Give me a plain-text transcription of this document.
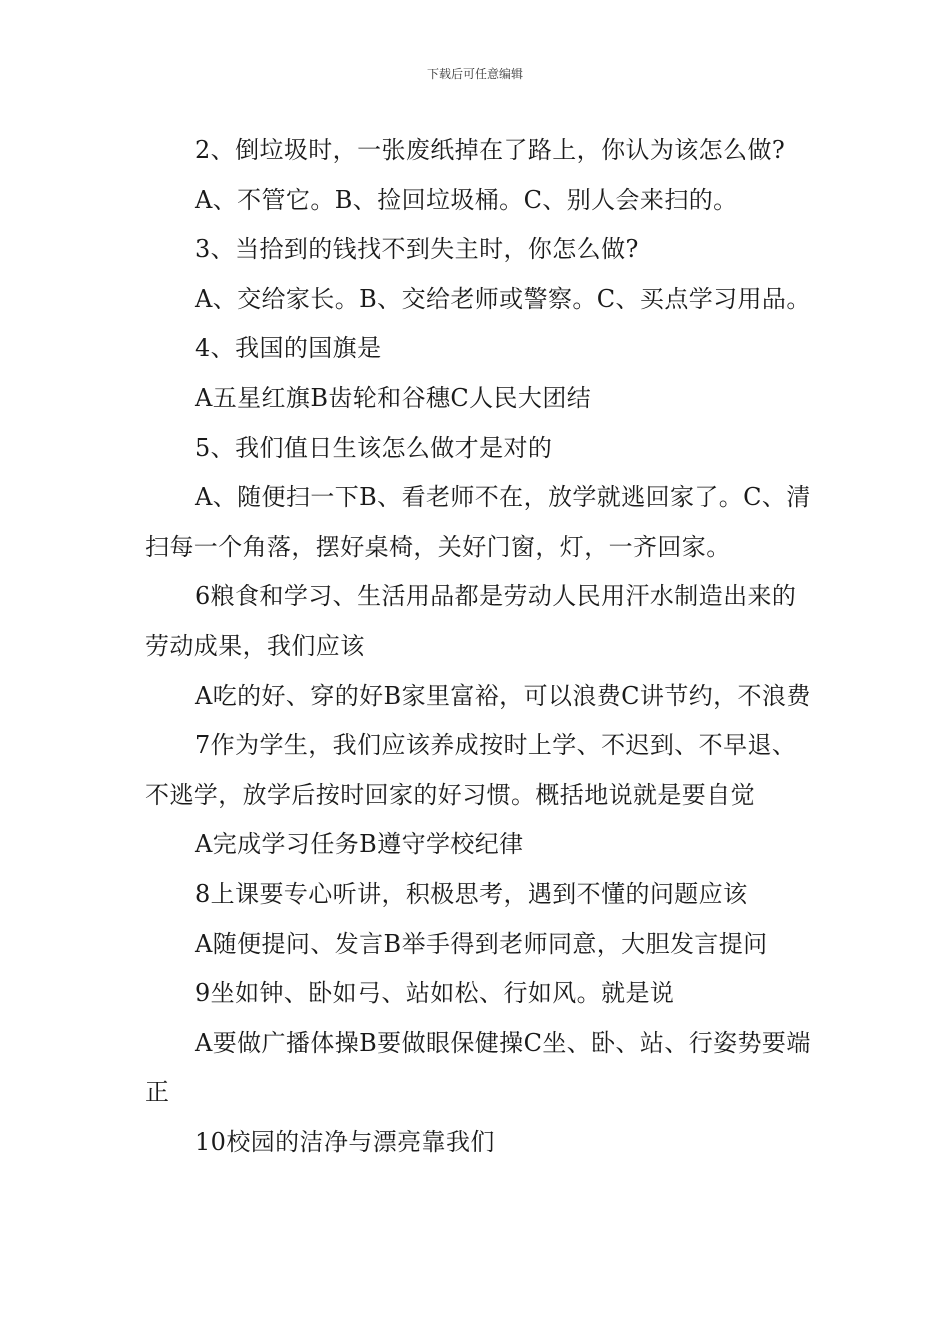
下载后可任意编辑

2、倒垃圾时，一张废纸掉在了路上，你认为该怎么做?

A、不管它。B、捡回垃圾桶。C、别人会来扫的。

3、当拾到的钱找不到失主时，你怎么做?

A、交给家长。B、交给老师或警察。C、买点学习用品。

4、我国的国旗是

A五星红旗B齿轮和谷穗C人民大团结

5、我们值日生该怎么做才是对的

A、随便扫一下B、看老师不在，放学就逃回家了。C、清扫每一个角落，摆好桌椅，关好门窗，灯，一齐回家。

6粮食和学习、生活用品都是劳动人民用汗水制造出来的劳动成果，我们应该

A吃的好、穿的好B家里富裕，可以浪费C讲节约，不浪费

7作为学生，我们应该养成按时上学、不迟到、不早退、不逃学，放学后按时回家的好习惯。概括地说就是要自觉

A完成学习任务B遵守学校纪律

8上课要专心听讲，积极思考，遇到不懂的问题应该

A随便提问、发言B举手得到老师同意，大胆发言提问

9坐如钟、卧如弓、站如松、行如风。就是说

A要做广播体操B要做眼保健操C坐、卧、站、行姿势要端正

10校园的洁净与漂亮靠我们
